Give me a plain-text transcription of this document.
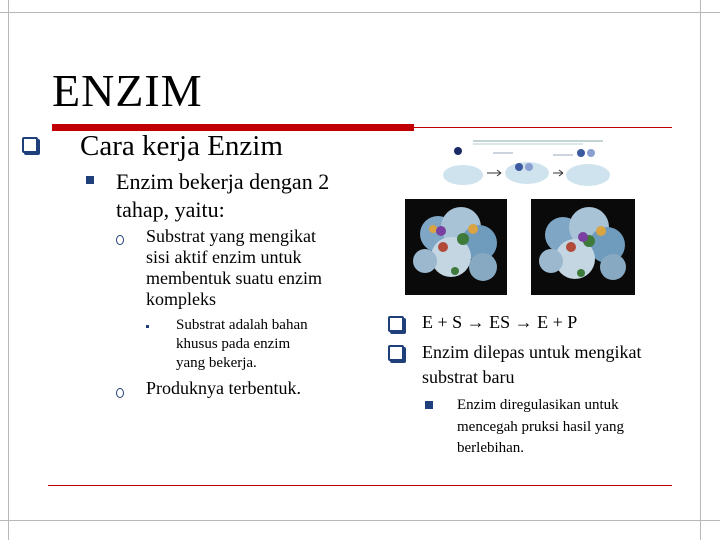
ENZIM

Cara kerja Enzim

Enzim bekerja dengan 2

tahap, yaitu:

Substrat yang mengikat

sisi aktif enzim untuk

membentuk suatu enzim

kompleks

Substrat adalah bahan

khusus pada enzim

yang bekerja.

Produknya terbentuk.

E + S → ES → E + P

Enzim dilepas untuk mengikat

substrat baru

Enzim diregulasikan untuk

mencegah pruksi hasil yang

berlebihan.
